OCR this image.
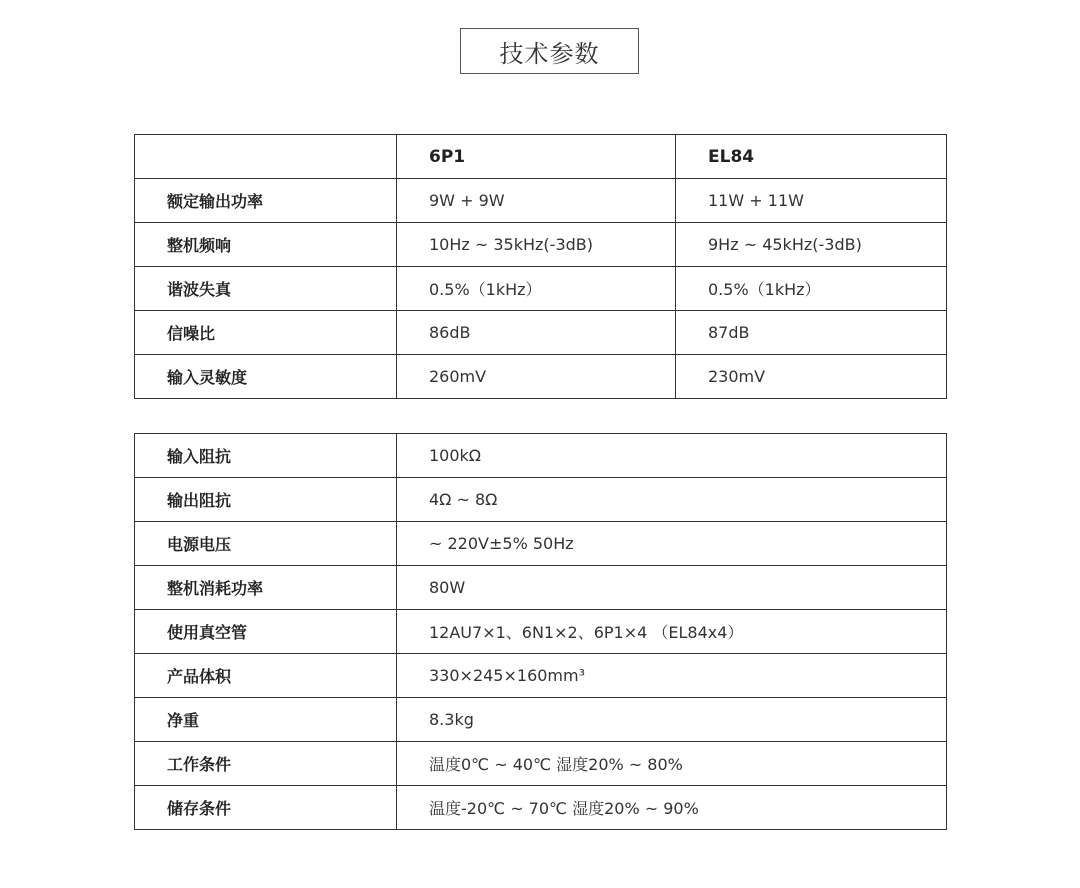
技术参数
	6P1	EL84
额定输出功率	9W + 9W	11W + 11W
整机频响	10Hz ~ 35kHz(-3dB)	9Hz ~ 45kHz(-3dB)
谐波失真	0.5%（1kHz）	0.5%（1kHz）
信噪比	86dB	87dB
输入灵敏度	260mV	230mV
输入阻抗	100kΩ
输出阻抗	4Ω ~ 8Ω
电源电压	~ 220V±5% 50Hz
整机消耗功率	80W
使用真空管	12AU7×1、6N1×2、6P1×4 （EL84x4）
产品体积	330×245×160mm³
净重	8.3kg
工作条件	温度0℃ ~ 40℃ 湿度20% ~ 80%
储存条件	温度-20℃ ~ 70℃ 湿度20% ~ 90%
